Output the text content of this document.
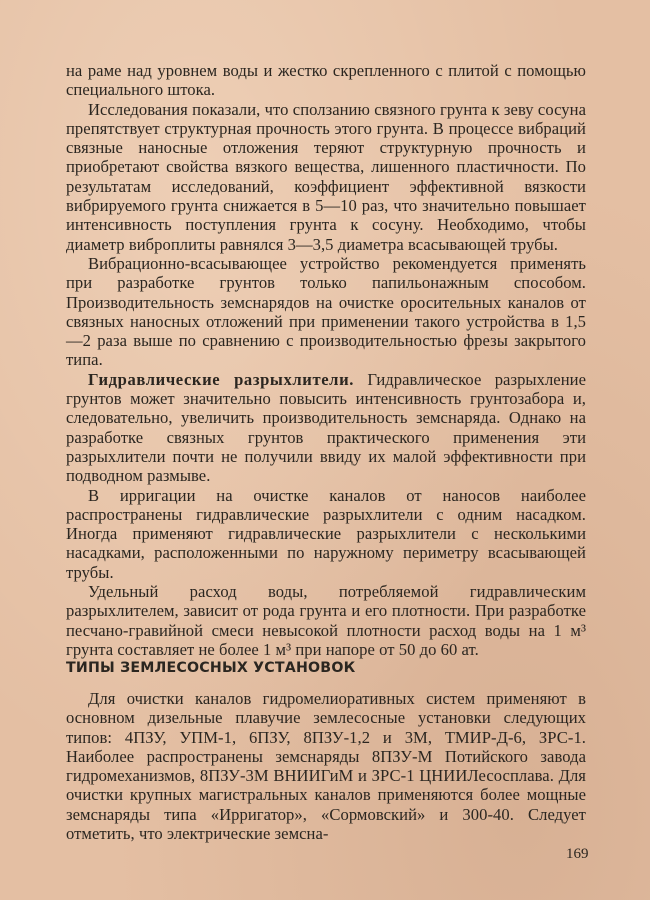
на раме над уровнем воды и жестко скрепленного с плитой с помощью специального штока.

Исследования показали, что сползанию связного грунта к зеву сосуна препятствует структурная прочность этого грунта. В процессе вибраций связные наносные отложения теряют структурную прочность и приобретают свойства вязкого вещества, лишенного пластичности. По результатам исследований, коэффициент эффективной вязкости вибрируемого грунта снижается в 5—10 раз, что значительно повышает интенсивность поступления грунта к сосуну. Необходимо, чтобы диаметр виброплиты равнялся 3—3,5 диаметра всасывающей трубы.

Вибрационно-всасывающее устройство рекомендуется применять при разработке грунтов только папильонажным способом. Производительность земснарядов на очистке оросительных каналов от связных наносных отложений при применении такого устройства в 1,5—2 раза выше по сравнению с производительностью фрезы закрытого типа.

Гидравлические разрыхлители. Гидравлическое разрыхление грунтов может значительно повысить интенсивность грунтозабора и, следовательно, увеличить производительность земснаряда. Однако на разработке связных грунтов практического применения эти разрыхлители почти не получили ввиду их малой эффективности при подводном размыве.

В ирригации на очистке каналов от наносов наиболее распространены гидравлические разрыхлители с одним насадком. Иногда применяют гидравлические разрыхлители с несколькими насадками, расположенными по наружному периметру всасывающей трубы.

Удельный расход воды, потребляемой гидравлическим разрыхлителем, зависит от рода грунта и его плотности. При разработке песчано-гравийной смеси невысокой плотности расход воды на 1 м³ грунта составляет не более 1 м³ при напоре от 50 до 60 ат.

ТИПЫ ЗЕМЛЕСОСНЫХ УСТАНОВОК

Для очистки каналов гидромелиоративных систем применяют в основном дизельные плавучие землесосные установки следующих типов: 4ПЗУ, УПМ-1, 6ПЗУ, 8ПЗУ-1,2 и 3М, ТМИР-Д-6, ЗРС-1. Наиболее распространены земснаряды 8ПЗУ-М Потийского завода гидромеханизмов, 8ПЗУ-3М ВНИИГиМ и ЗРС-1 ЦНИИЛесосплава. Для очистки крупных магистральных каналов применяются более мощные земснаряды типа «Ирригатор», «Сормовский» и 300-40. Следует отметить, что электрические земсна-

169
